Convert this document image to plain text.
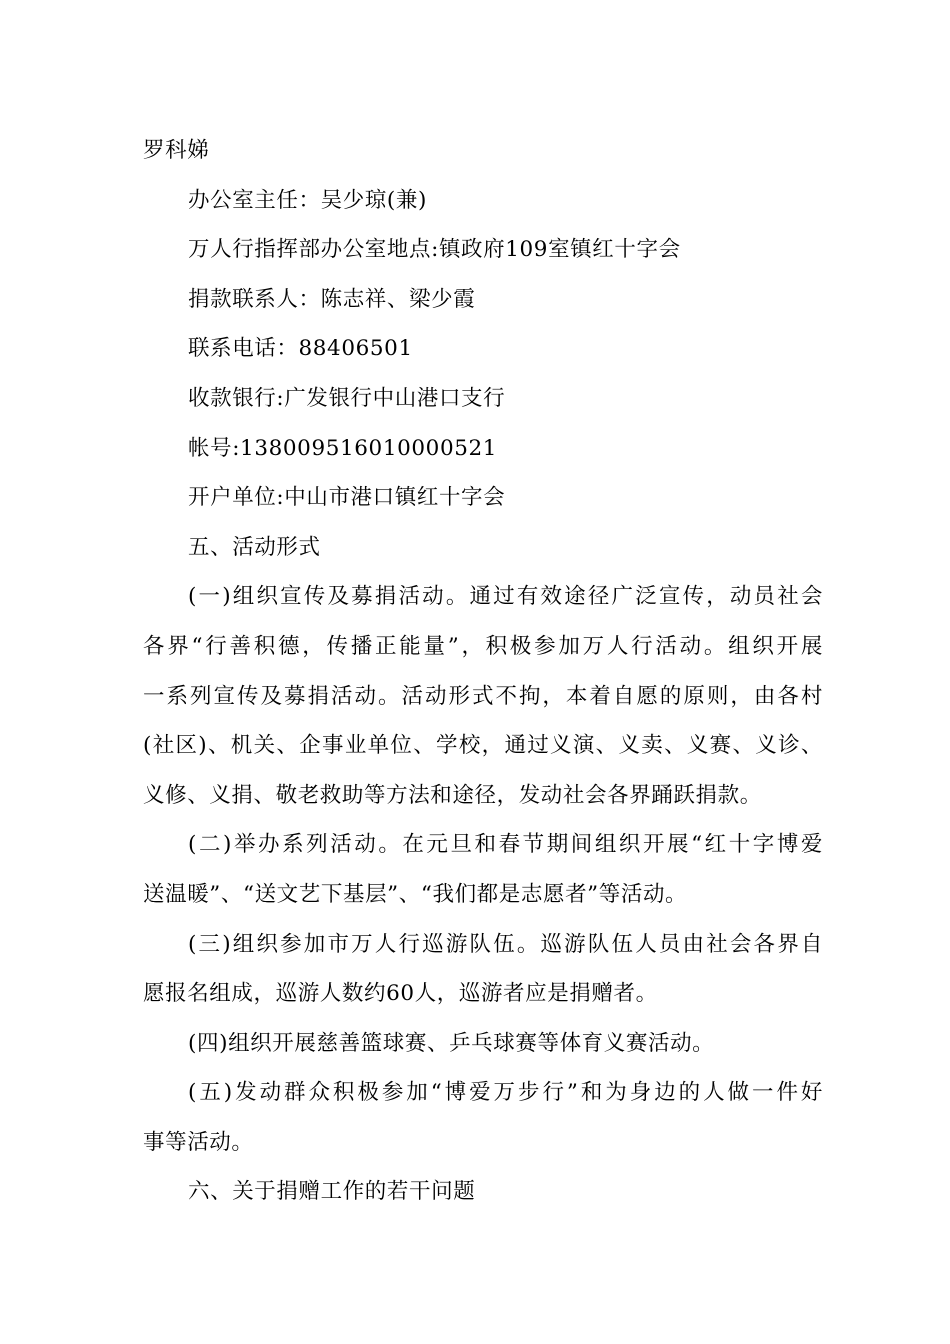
罗科娣
办公室主任：吴少琼(兼)
万人行指挥部办公室地点:镇政府109室镇红十字会
捐款联系人：陈志祥、梁少霞
联系电话：88406501
收款银行:广发银行中山港口支行
帐号:13800951601000052​1
开户单位:中山市港口镇红十字会
五、活动形式
(一)组织宣传及募捐活动。通过有效途径广泛宣传，动员社会
各界“行善积德，传播正能量”，积极参加万人行活动。组织开展
一系列宣传及募捐活动。活动形式不拘，本着自愿的原则，由各村
(社区)、机关、企事业单位、学校，通过义演、义卖、义赛、义诊、
义修、义捐、敬老救助等方法和途径，发动社会各界踊跃捐款。
(二)举办系列活动。在元旦和春节期间组织开展“红十字博爱
送温暖”、“送文艺下基层”、“我们都是志愿者”等活动。
(三)组织参加市万人行巡游队伍。巡游队伍人员由社会各界自
愿报名组成，巡游人数约60人，巡游者应是捐赠者。
(四)组织开展慈善篮球赛、乒乓球赛等体育义赛活动。
(五)发动群众积极参加“博爱万步行”和为身边的人做一件好
事等活动。
六、关于捐赠工作的若干问题
